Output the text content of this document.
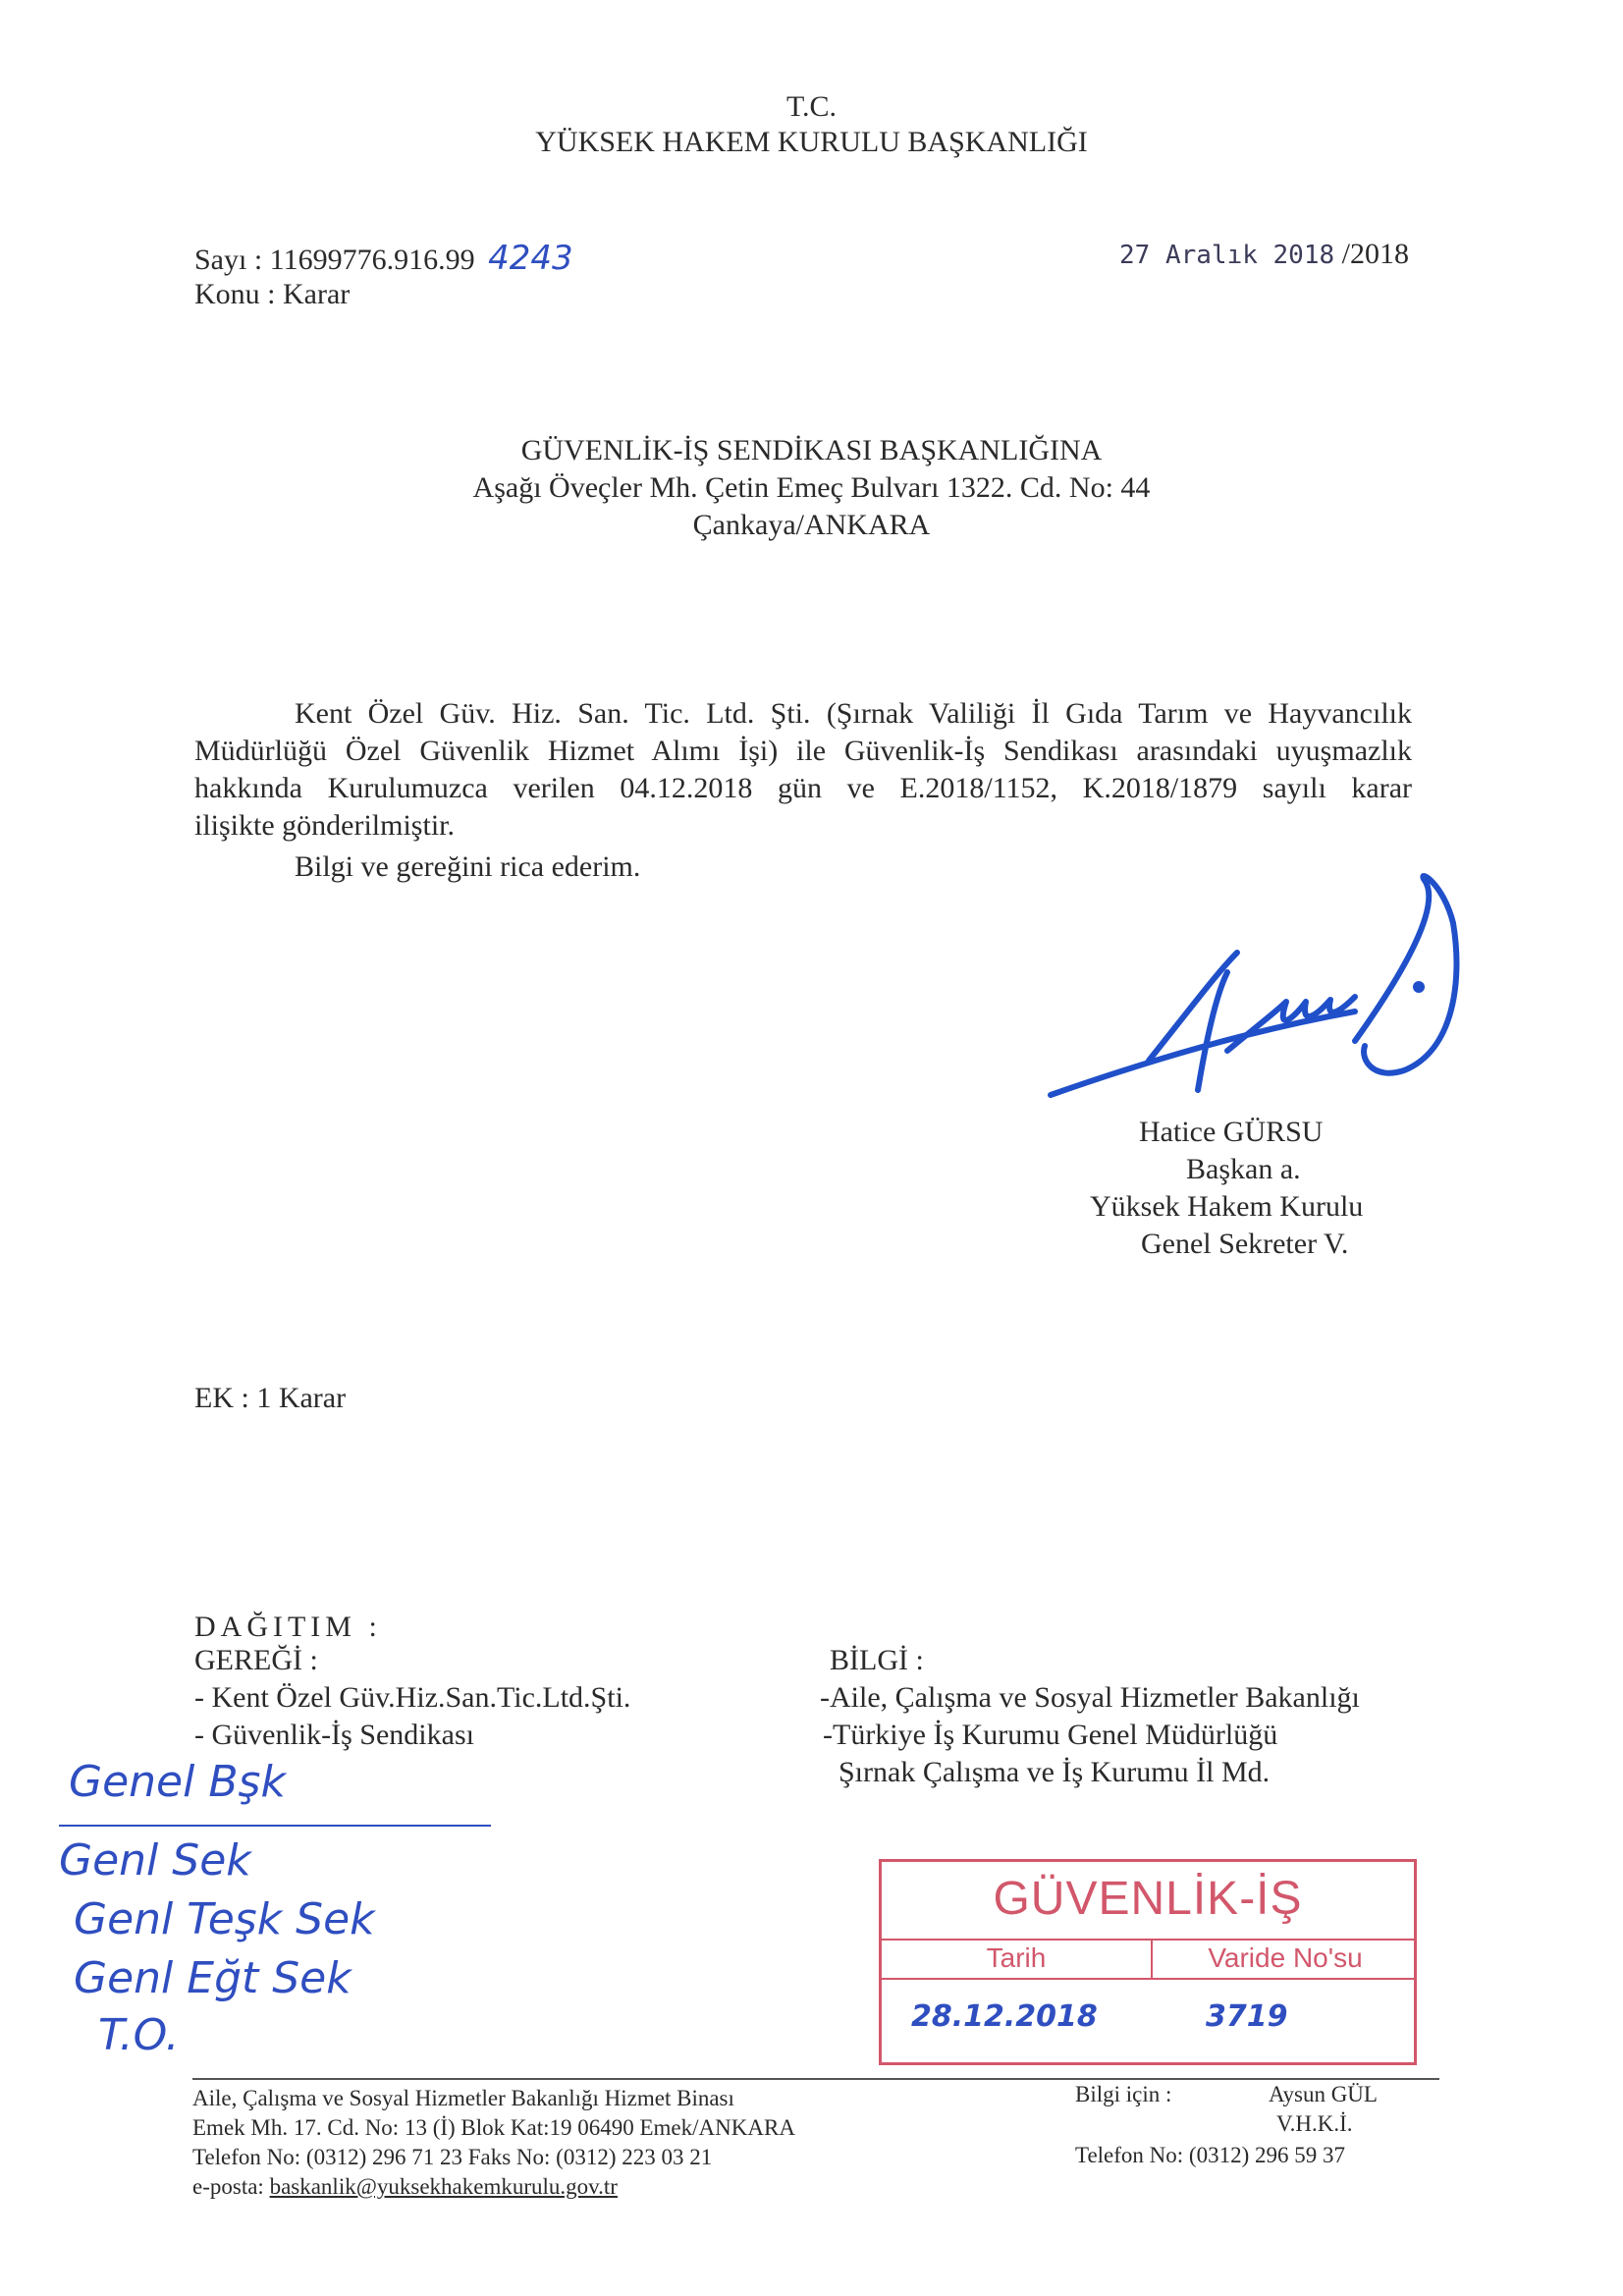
T.C.
YÜKSEK HAKEM KURULU BAŞKANLIĞI
Sayı : 11699776.916.99 4243
Konu : Karar
27 Aralık 2018 /2018
GÜVENLİK-İŞ SENDİKASI BAŞKANLIĞINA
Aşağı Öveçler Mh. Çetin Emeç Bulvarı 1322. Cd. No: 44
Çankaya/ANKARA
Kent Özel Güv. Hiz. San. Tic. Ltd. Şti. (Şırnak Valiliği İl Gıda Tarım ve Hayvancılık
Müdürlüğü Özel Güvenlik Hizmet Alımı İşi) ile Güvenlik-İş Sendikası arasındaki uyuşmazlık
hakkında Kurulumuzca verilen 04.12.2018 gün ve E.2018/1152, K.2018/1879 sayılı karar
ilişikte gönderilmiştir.
Bilgi ve gereğini rica ederim.
Hatice GÜRSU
Başkan a.
Yüksek Hakem Kurulu
Genel Sekreter V.
EK : 1 Karar
DAĞITIM :
GEREĞİ :
- Kent Özel Güv.Hiz.San.Tic.Ltd.Şti.
- Güvenlik-İş Sendikası
BİLGİ :
-Aile, Çalışma ve Sosyal Hizmetler Bakanlığı
-Türkiye İş Kurumu Genel Müdürlüğü
Şırnak Çalışma ve İş Kurumu İl Md.
Genel Bşk
Genl Sek
Genl Teşk Sek
Genl Eğt Sek
T.O.
GÜVENLİK-İŞ
Tarih	Varide No'su
28.12.2018	3719
Aile, Çalışma ve Sosyal Hizmetler Bakanlığı Hizmet Binası
Emek Mh. 17. Cd. No: 13 (İ) Blok Kat:19 06490 Emek/ANKARA
Telefon No: (0312) 296 71 23 Faks No: (0312) 223 03 21
e-posta: baskanlik@yuksekhakemkurulu.gov.tr
Bilgi için :	Aysun GÜL
V.H.K.İ.
Telefon No: (0312) 296 59 37
